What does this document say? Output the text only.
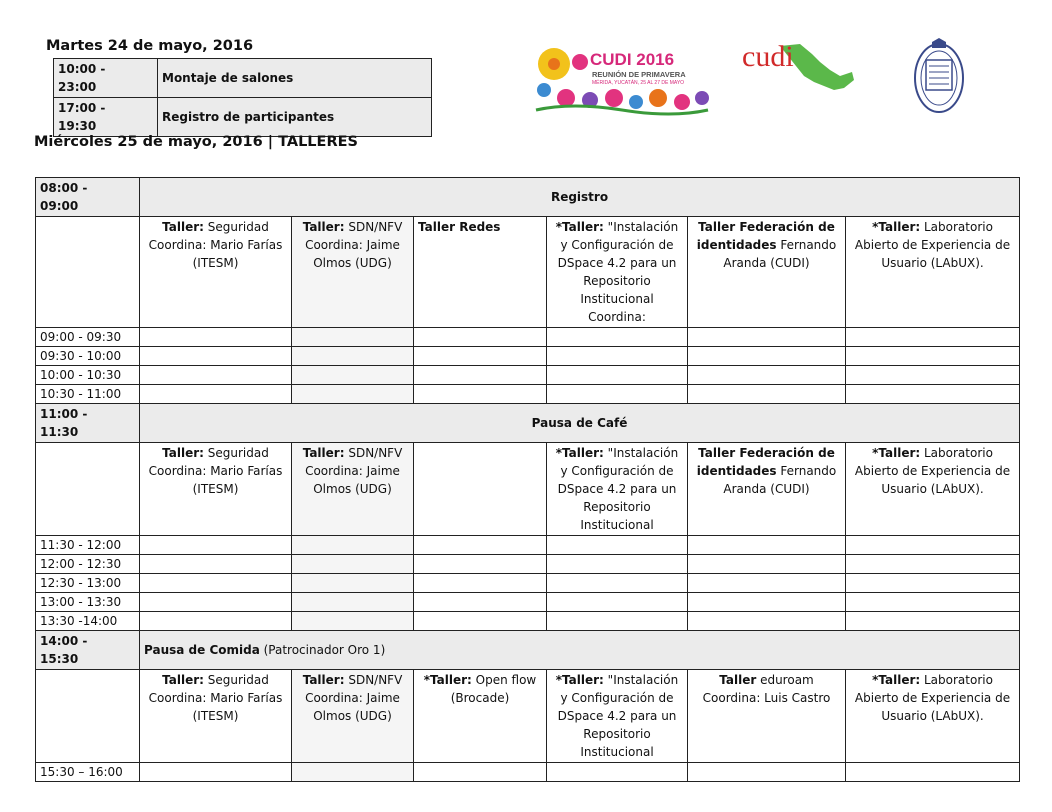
Martes 24 de mayo, 2016
10:00 -
23:00	Montaje de salones
17:00 -
19:30	Registro de participantes
CUDI 2016
REUNIÓN DE PRIMAVERA
MÉRIDA, YUCATÁN, 25 AL 27 DE MAYO
cudi
Miércoles 25 de mayo, 2016 | TALLERES
08:00 -
09:00	Registro					
	Taller: Seguridad Coordina: Mario Farías (ITESM)	Taller: SDN/NFV Coordina: Jaime Olmos (UDG)	Taller Redes	*Taller: "Instalación y Configuración de DSpace 4.2 para un Repositorio Institucional Coordina:	Taller Federación de identidades Fernando Aranda (CUDI)	*Taller: Laboratorio Abierto de Experiencia de Usuario (LAbUX).
09:00 - 09:30						
09:30 - 10:00						
10:00 - 10:30						
10:30 - 11:00						
11:00 -
11:30	Pausa de Café					
	Taller: Seguridad Coordina: Mario Farías (ITESM)	Taller: SDN/NFV Coordina: Jaime Olmos (UDG)		*Taller: "Instalación y Configuración de DSpace 4.2 para un Repositorio Institucional	Taller Federación de identidades Fernando Aranda (CUDI)	*Taller: Laboratorio Abierto de Experiencia de Usuario (LAbUX).
11:30 - 12:00						
12:00 - 12:30						
12:30 - 13:00						
13:00 - 13:30						
13:30 -14:00						
14:00 -
15:30	Pausa de Comida (Patrocinador Oro 1)					
	Taller: Seguridad Coordina: Mario Farías (ITESM)	Taller: SDN/NFV Coordina: Jaime Olmos (UDG)	*Taller: Open flow (Brocade)	*Taller: "Instalación y Configuración de DSpace 4.2 para un Repositorio Institucional	Taller eduroam Coordina: Luis Castro	*Taller: Laboratorio Abierto de Experiencia de Usuario (LAbUX).
15:30 – 16:00						
